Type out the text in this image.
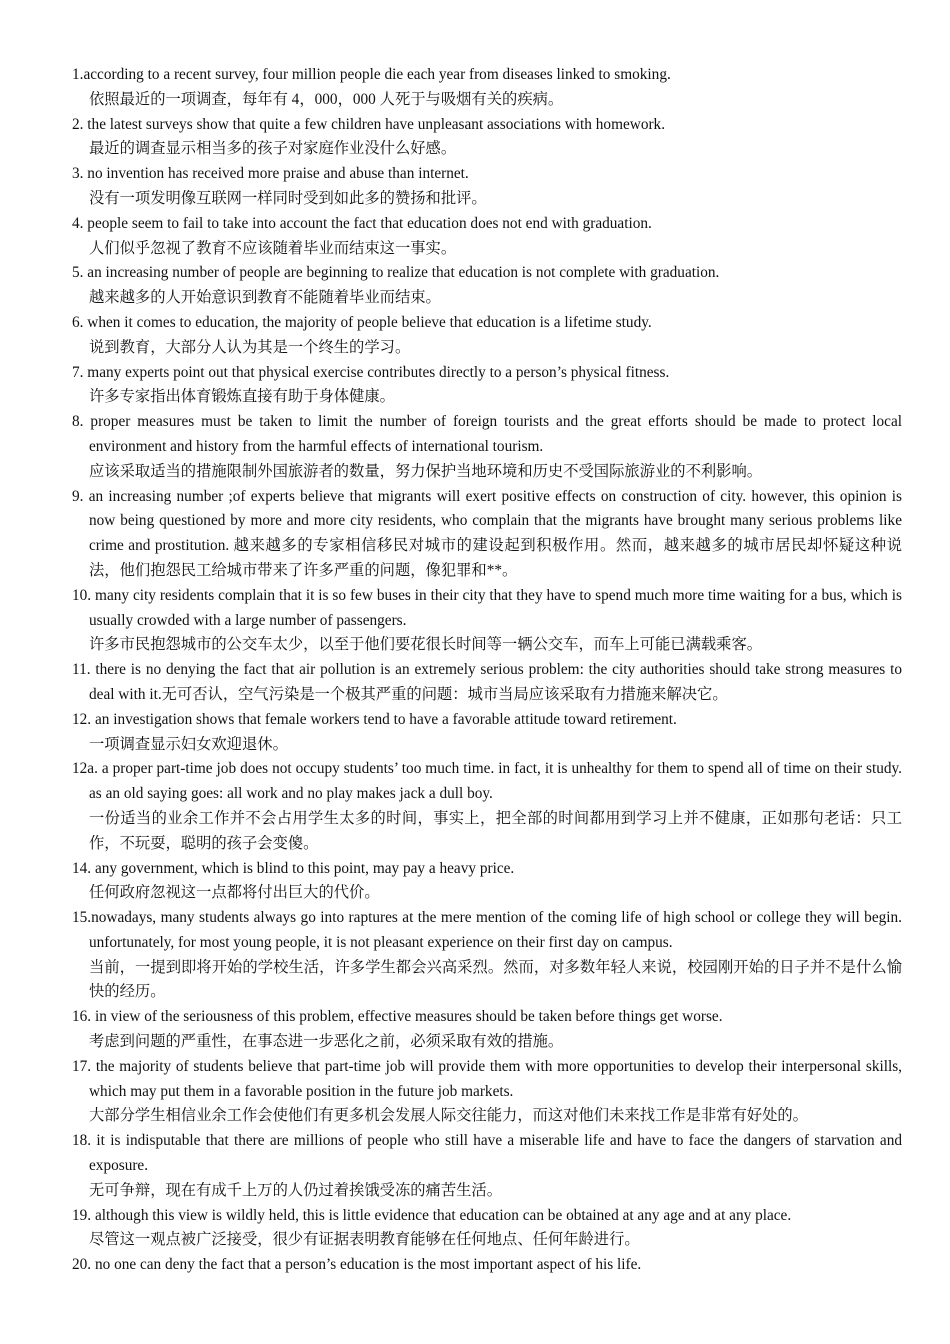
1.according to a recent survey, four million people die each year from diseases linked to smoking.
依照最近的一项调查，每年有 4，000，000 人死于与吸烟有关的疾病。
2. the latest surveys show that quite a few children have unpleasant associations with homework.
最近的调查显示相当多的孩子对家庭作业没什么好感。
3. no invention has received more praise and abuse than internet.
没有一项发明像互联网一样同时受到如此多的赞扬和批评。
4. people seem to fail to take into account the fact that education does not end with graduation.
人们似乎忽视了教育不应该随着毕业而结束这一事实。
5. an increasing number of people are beginning to realize that education is not complete with graduation.
越来越多的人开始意识到教育不能随着毕业而结束。
6. when it comes to education, the majority of people believe that education is a lifetime study.
说到教育，大部分人认为其是一个终生的学习。
7. many experts point out that physical exercise contributes directly to a person’s physical fitness.
许多专家指出体育锻炼直接有助于身体健康。
8. proper measures must be taken to limit the number of foreign tourists and the great efforts should be made to protect local environment and history from the harmful effects of international tourism.
应该采取适当的措施限制外国旅游者的数量，努力保护当地环境和历史不受国际旅游业的不利影响。
9. an increasing number ;of experts believe that migrants will exert positive effects on construction of city. however, this opinion is now being questioned by more and more city residents, who complain that the migrants have brought many serious problems like crime and prostitution. 越来越多的专家相信移民对城市的建设起到积极作用。然而，越来越多的城市居民却怀疑这种说法，他们抱怨民工给城市带来了许多严重的问题，像犯罪和**。
10. many city residents complain that it is so few buses in their city that they have to spend much more time waiting for a bus, which is usually crowded with a large number of passengers.
许多市民抱怨城市的公交车太少，以至于他们要花很长时间等一辆公交车，而车上可能已满载乘客。
11. there is no denying the fact that air pollution is an extremely serious problem: the city authorities should take strong measures to deal with it.无可否认，空气污染是一个极其严重的问题：城市当局应该采取有力措施来解决它。
12. an investigation shows that female workers tend to have a favorable attitude toward retirement.
一项调查显示妇女欢迎退休。
12a. a proper part-time job does not occupy students’ too much time. in fact, it is unhealthy for them to spend all of time on their study. as an old saying goes: all work and no play makes jack a dull boy.
一份适当的业余工作并不会占用学生太多的时间，事实上，把全部的时间都用到学习上并不健康，正如那句老话：只工作，不玩耍，聪明的孩子会变傻。
14. any government, which is blind to this point, may pay a heavy price.
任何政府忽视这一点都将付出巨大的代价。
15.nowadays, many students always go into raptures at the mere mention of the coming life of high school or college they will begin. unfortunately, for most young people, it is not pleasant experience on their first day on campus.
当前，一提到即将开始的学校生活，许多学生都会兴高采烈。然而，对多数年轻人来说，校园刚开始的日子并不是什么愉快的经历。
16. in view of the seriousness of this problem, effective measures should be taken before things get worse.
考虑到问题的严重性，在事态进一步恶化之前，必须采取有效的措施。
17. the majority of students believe that part-time job will provide them with more opportunities to develop their interpersonal skills, which may put them in a favorable position in the future job markets.
大部分学生相信业余工作会使他们有更多机会发展人际交往能力，而这对他们未来找工作是非常有好处的。
18. it is indisputable that there are millions of people who still have a miserable life and have to face the dangers of starvation and exposure.
无可争辩，现在有成千上万的人仍过着挨饿受冻的痛苦生活。
19. although this view is wildly held, this is little evidence that education can be obtained at any age and at any place.
尽管这一观点被广泛接受，很少有证据表明教育能够在任何地点、任何年龄进行。
20. no one can deny the fact that a person’s education is the most important aspect of his life.
